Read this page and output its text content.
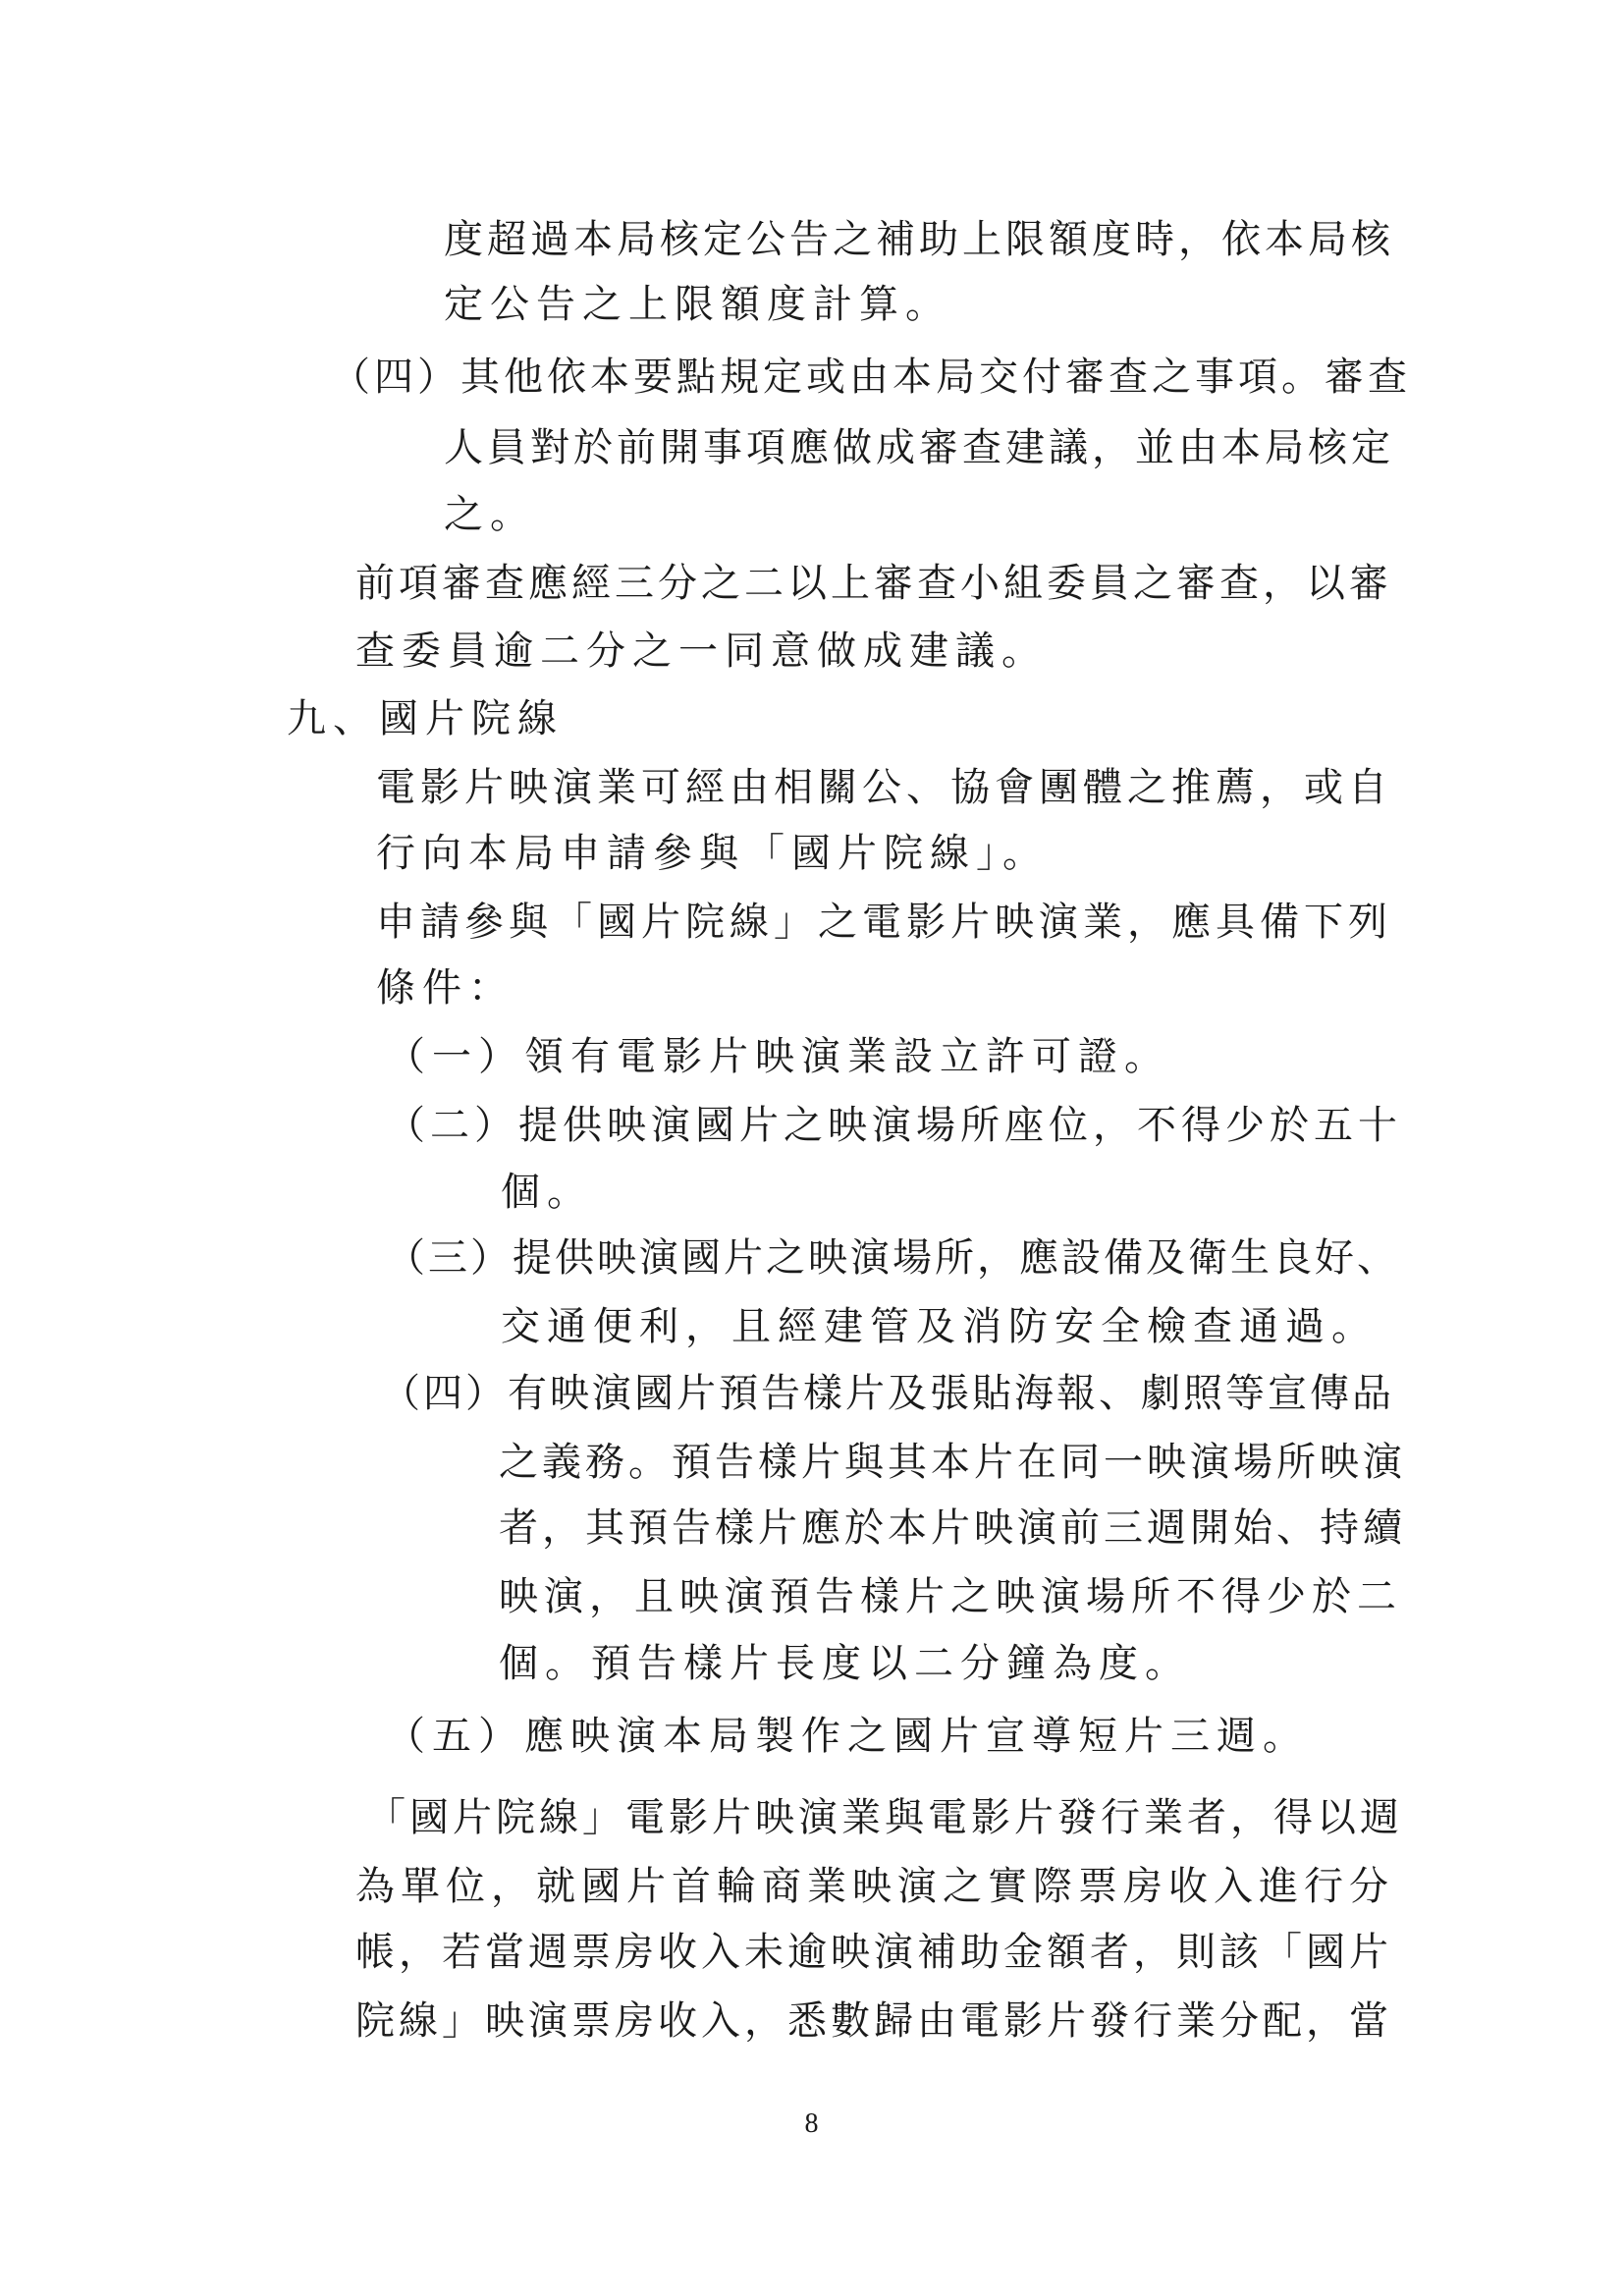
度超過本局核定公告之補助上限額度時，依本局核
定公告之上限額度計算。
（四）其他依本要點規定或由本局交付審查之事項。審查
人員對於前開事項應做成審查建議，並由本局核定
之。
前項審查應經三分之二以上審查小組委員之審查，以審
查委員逾二分之一同意做成建議。
九、國片院線
電影片映演業可經由相關公、協會團體之推薦，或自
行向本局申請參與「國片院線」。
申請參與「國片院線」之電影片映演業，應具備下列
條件：
（一）領有電影片映演業設立許可證。
（二）提供映演國片之映演場所座位，不得少於五十
個。
（三）提供映演國片之映演場所，應設備及衛生良好、
交通便利，且經建管及消防安全檢查通過。
（四）有映演國片預告樣片及張貼海報、劇照等宣傳品
之義務。預告樣片與其本片在同一映演場所映演
者，其預告樣片應於本片映演前三週開始、持續
映演，且映演預告樣片之映演場所不得少於二
個。預告樣片長度以二分鐘為度。
（五）應映演本局製作之國片宣導短片三週。
「國片院線」電影片映演業與電影片發行業者，得以週
為單位，就國片首輪商業映演之實際票房收入進行分
帳，若當週票房收入未逾映演補助金額者，則該「國片
院線」映演票房收入，悉數歸由電影片發行業分配，當
8
